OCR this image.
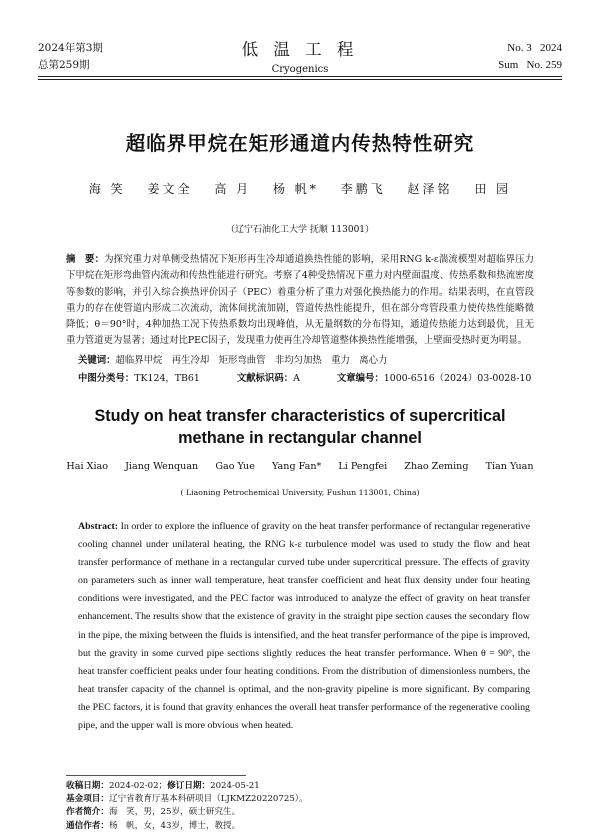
2024年第3期
总第259期
低 温 工 程
Cryogenics
No. 3   2024
Sum   No. 259
超临界甲烷在矩形通道内传热特性研究
海 笑 姜文全 高 月 杨 帆* 李鹏飞 赵泽铭 田 园
（辽宁石油化工大学 抚顺 113001）
摘　要：为探究重力对单侧受热情况下矩形再生冷却通道换热性能的影响，采用RNG k-ε湍流模型对超临界压力下甲烷在矩形弯曲管内流动和传热性能进行研究。考察了4种受热情况下重力对内壁面温度、传热系数和热流密度等参数的影响，并引入综合换热评价因子（PEC）着重分析了重力对强化换热能力的作用。结果表明，在直管段重力的存在使管道内形成二次流动，流体间扰流加剧，管道传热性能提升，但在部分弯管段重力使传热性能略微降低；θ＝90°时，4种加热工况下传热系数均出现峰值，从无量纲数的分布得知，通道传热能力达到最优，且无重力管道更为显著；通过对比PEC因子，发现重力使再生冷却管道整体换热性能增强，上壁面受热时更为明显。
关键词：超临界甲烷　再生冷却　矩形弯曲管　非均匀加热　重力　离心力
中图分类号：TK124，TB61	文献标识码：A	文章编号：1000-6516（2024）03-0028-10
Study on heat transfer characteristics of supercritical
methane in rectangular channel
Hai Xiao Jiang Wenquan Gao Yue Yang Fan* Li Pengfei Zhao Zeming Tian Yuan
( Liaoning Petrochemical University, Fushun 113001, China)
Abstract: In order to explore the influence of gravity on the heat transfer performance of rectangular regenerative cooling channel under unilateral heating, the RNG k-ε turbulence model was used to study the flow and heat transfer performance of methane in a rectangular curved tube under supercritical pressure. The effects of gravity on parameters such as inner wall temperature, heat transfer coefficient and heat flux density under four heating conditions were investigated, and the PEC factor was introduced to analyze the effect of gravity on heat transfer enhancement. The results show that the existence of gravity in the straight pipe section causes the secondary flow in the pipe, the mixing between the fluids is intensified, and the heat transfer performance of the pipe is improved, but the gravity in some curved pipe sections slightly reduces the heat transfer performance. When θ = 90°, the heat transfer coefficient peaks under four heating conditions. From the distribution of dimensionless numbers, the heat transfer capacity of the channel is optimal, and the non-gravity pipeline is more significant. By comparing the PEC factors, it is found that gravity enhances the overall heat transfer performance of the regenerative cooling pipe, and the upper wall is more obvious when heated.
收稿日期：2024-02-02；修订日期：2024-05-21
基金项目：辽宁省教育厅基本科研项目（LJKMZ20220725）。
作者简介：海　笑，男，25岁，硕士研究生。
通信作者：杨　帆，女，43岁，博士，教授。
